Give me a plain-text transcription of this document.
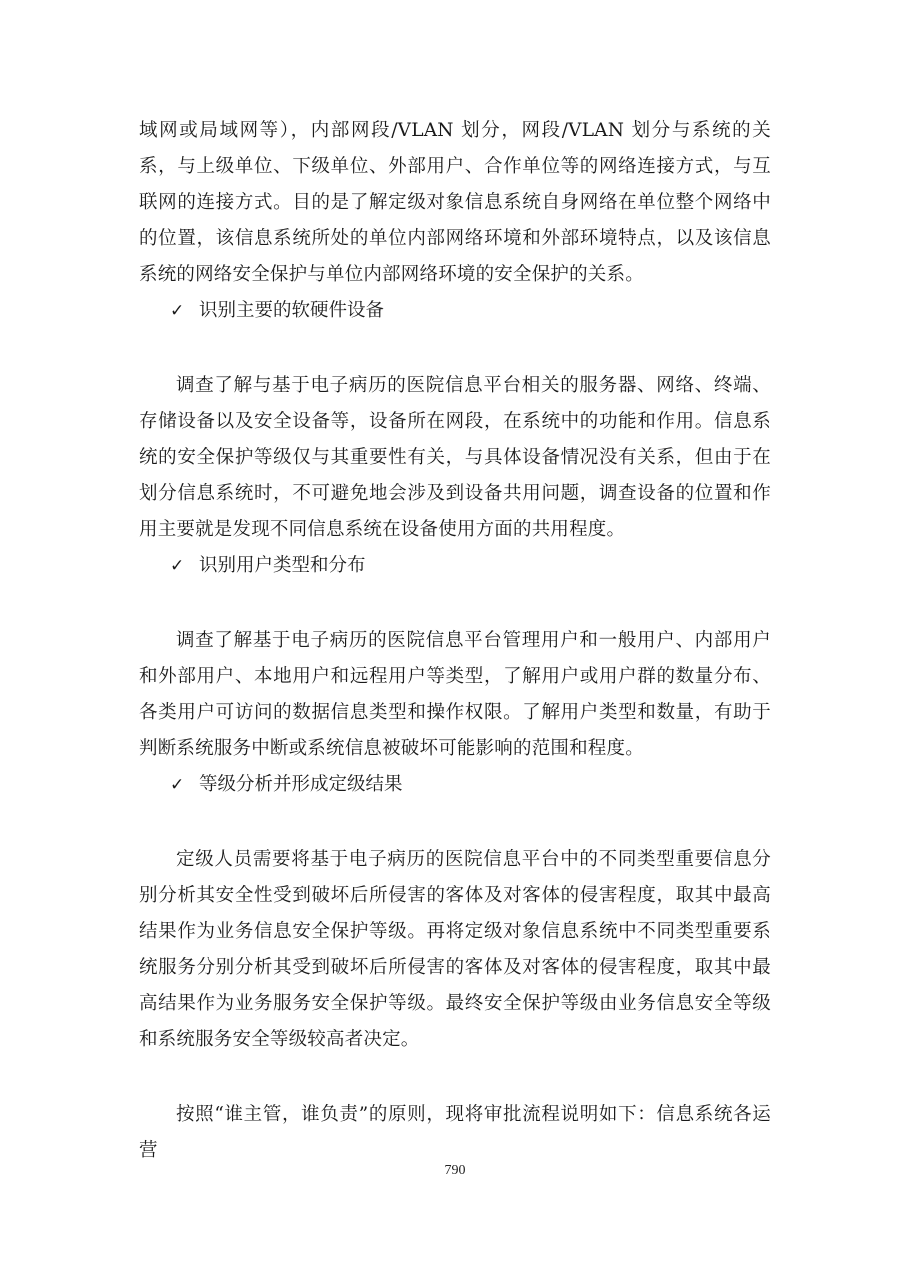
域网或局域网等），内部网段/VLAN 划分，网段/VLAN 划分与系统的关系，与上级单位、下级单位、外部用户、合作单位等的网络连接方式，与互联网的连接方式。目的是了解定级对象信息系统自身网络在单位整个网络中的位置，该信息系统所处的单位内部网络环境和外部环境特点，以及该信息系统的网络安全保护与单位内部网络环境的安全保护的关系。

✓ 识别主要的软硬件设备

调查了解与基于电子病历的医院信息平台相关的服务器、网络、终端、存储设备以及安全设备等，设备所在网段，在系统中的功能和作用。信息系统的安全保护等级仅与其重要性有关，与具体设备情况没有关系，但由于在划分信息系统时，不可避免地会涉及到设备共用问题，调查设备的位置和作用主要就是发现不同信息系统在设备使用方面的共用程度。

✓ 识别用户类型和分布

调查了解基于电子病历的医院信息平台管理用户和一般用户、内部用户和外部用户、本地用户和远程用户等类型，了解用户或用户群的数量分布、各类用户可访问的数据信息类型和操作权限。了解用户类型和数量，有助于判断系统服务中断或系统信息被破坏可能影响的范围和程度。

✓ 等级分析并形成定级结果

定级人员需要将基于电子病历的医院信息平台中的不同类型重要信息分别分析其安全性受到破坏后所侵害的客体及对客体的侵害程度，取其中最高结果作为业务信息安全保护等级。再将定级对象信息系统中不同类型重要系统服务分别分析其受到破坏后所侵害的客体及对客体的侵害程度，取其中最高结果作为业务服务安全保护等级。最终安全保护等级由业务信息安全等级和系统服务安全等级较高者决定。

按照“谁主管，谁负责”的原则，现将审批流程说明如下：信息系统各运营

790
